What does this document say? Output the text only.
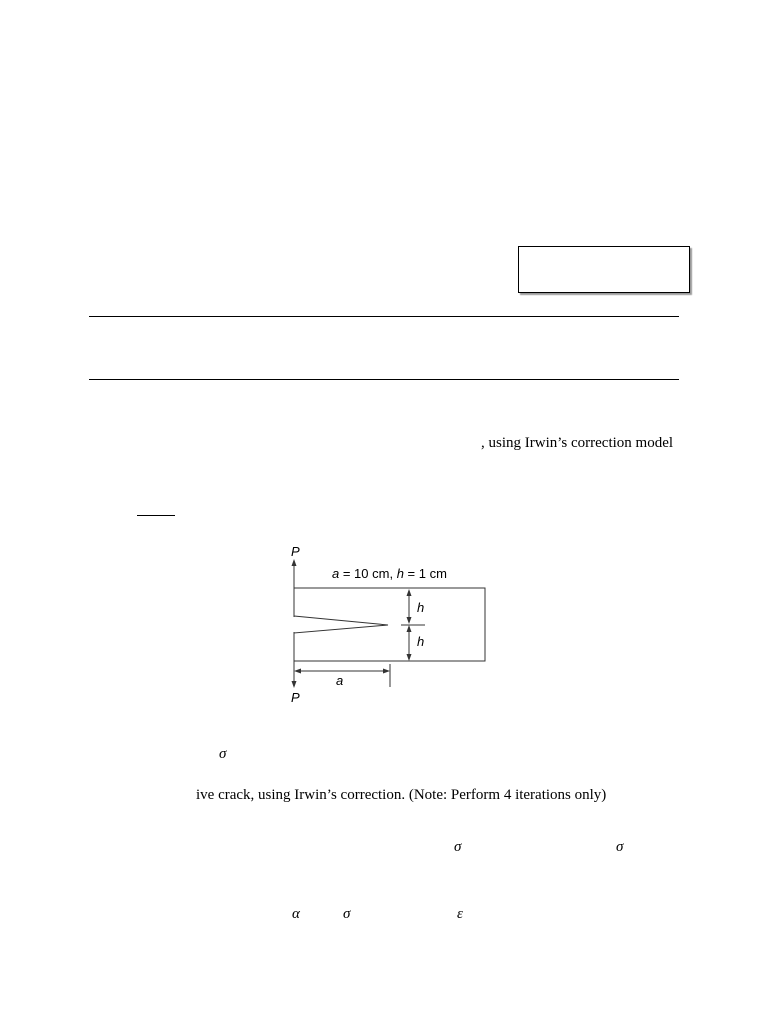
, using Irwin’s correction model
P
P
a = 10 cm, h = 1 cm
h
h
a
σ
ive crack, using Irwin’s correction. (Note: Perform 4 iterations only)
σ	σ
α	σ	ε
